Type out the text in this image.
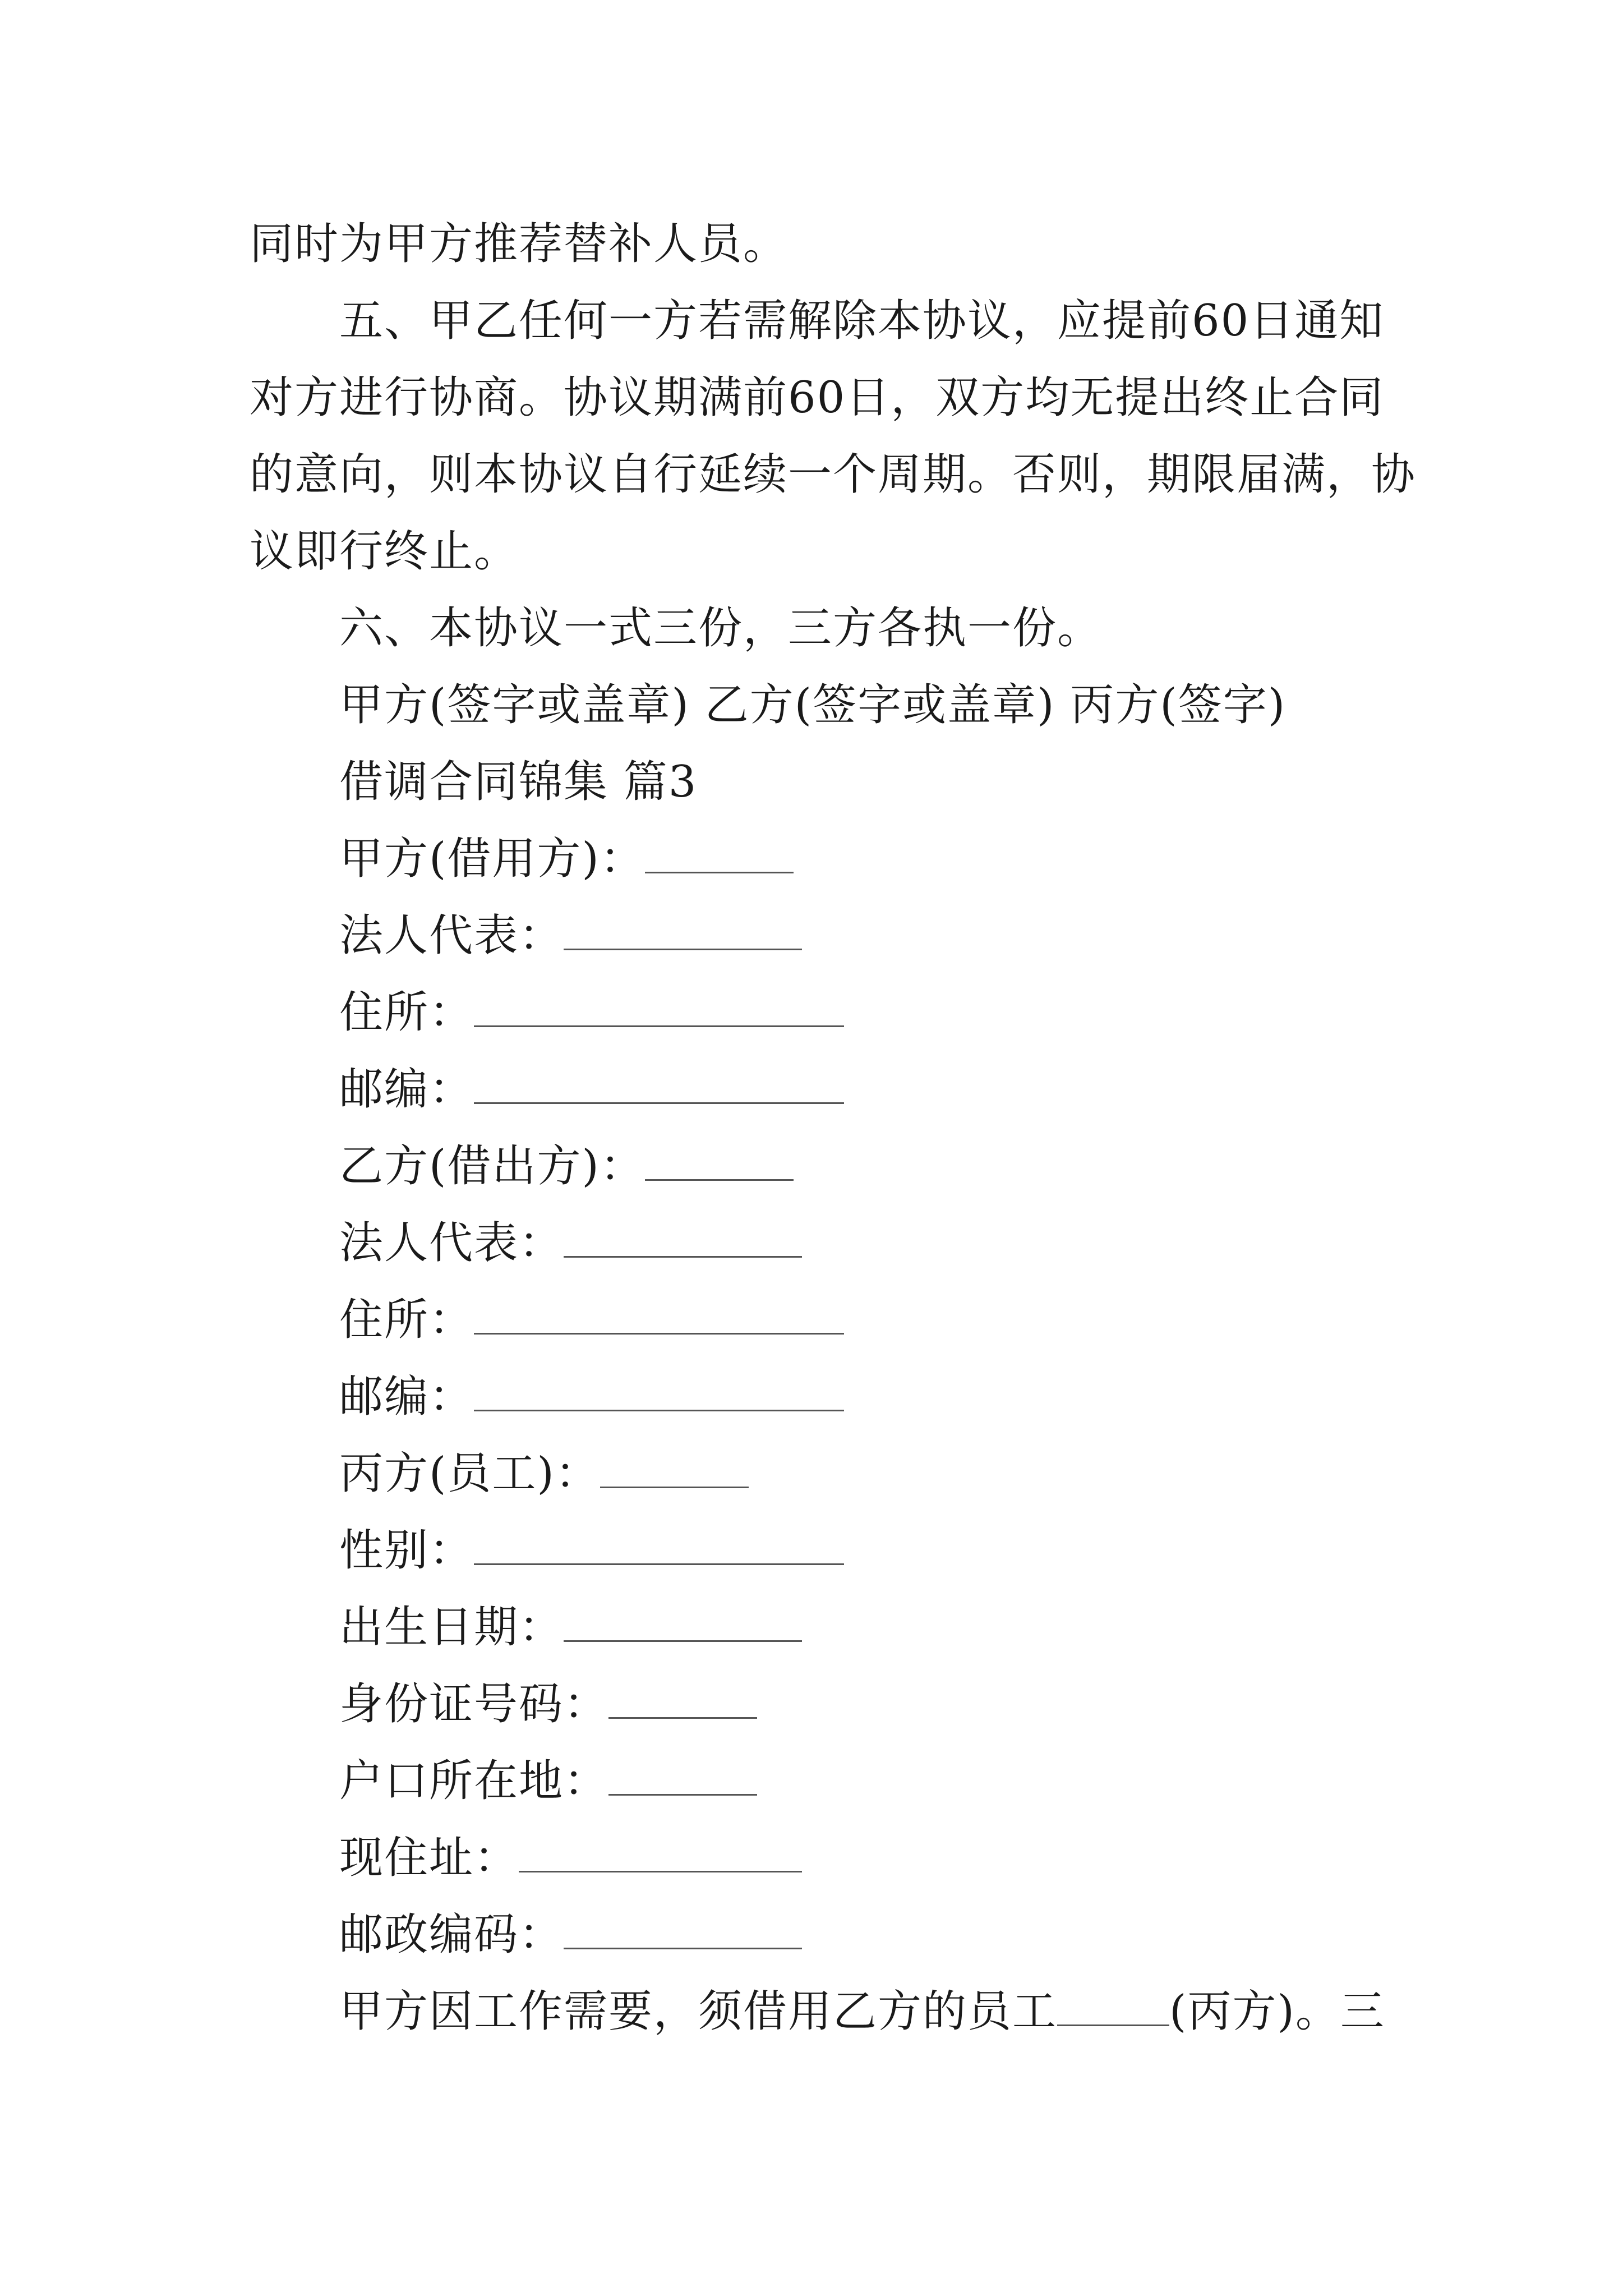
同时为甲方推荐替补人员。
五、甲乙任何一方若需解除本协议，应提前60日通知
对方进行协商。协议期满前60日，双方均无提出终止合同
的意向，则本协议自行延续一个周期。否则，期限届满，协
议即行终止。
六、本协议一式三份，三方各执一份。
甲方(签字或盖章) 乙方(签字或盖章) 丙方(签字)
借调合同锦集 篇3
甲方(借用方)：
法人代表：
住所：
邮编：
乙方(借出方)：
法人代表：
住所：
邮编：
丙方(员工)：
性别：
出生日期：
身份证号码：
户口所在地：
现住址：
邮政编码：
甲方因工作需要，须借用乙方的员工	(丙方)。三
